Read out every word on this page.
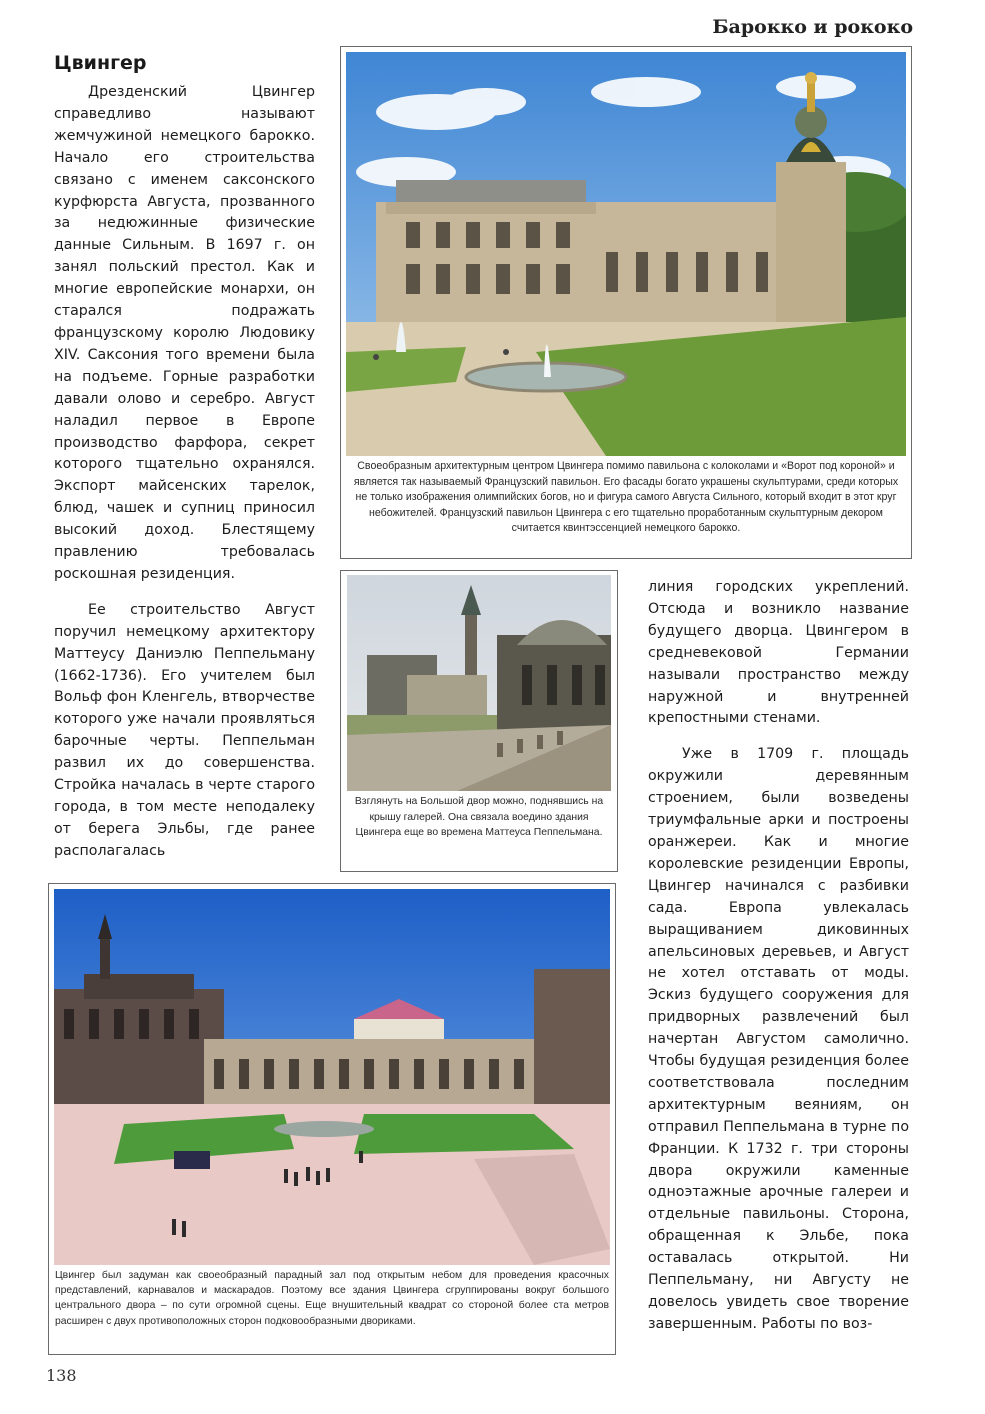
Барокко и рококо
Цвингер

Дрезденский Цвингер справедливо называют жемчужиной немецкого барокко. Начало его строительства связано с именем саксонского курфюрста Августа, прозванного за недюжинные физические данные Сильным. В 1697 г. он занял польский престол. Как и многие европейские монархи, он старался подражать французскому королю Людовику XIV. Саксония того времени была на подъеме. Горные разработки давали олово и серебро. Август наладил первое в Европе производство фарфора, секрет которого тщательно охранялся. Экспорт майсенских тарелок, блюд, чашек и супниц приносил высокий доход. Блестящему правлению требовалась роскошная резиденция.

Ее строительство Август поручил немецкому архитектору Маттеусу Даниэлю Пеппельману (1662-1736). Его учителем был Вольф фон Кленгель, втворчестве которого уже начали проявляться барочные черты. Пеппельман развил их до совершенства. Стройка началась в черте старого города, в том месте неподалеку от берега Эльбы, где ранее располагалась

линия городских укреплений. Отсюда и возникло название будущего дворца. Цвингером в средневековой Германии называли пространство между наружной и внутренней крепостными стенами.

Уже в 1709 г. площадь окружили деревянным строением, были возведены триумфальные арки и построены оранжереи. Как и многие королевские резиденции Европы, Цвингер начинался с разбивки сада. Европа увлекалась выращиванием диковинных апельсиновых деревьев, и Август не хотел отставать от моды. Эскиз будущего сооружения для придворных развлечений был начертан Августом самолично. Чтобы будущая резиденция более соответствовала последним архитектурным веяниям, он отправил Пеппельмана в турне по Франции. К 1732 г. три стороны двора окружили каменные одноэтажные арочные галереи и отдельные павильоны. Сторона, обращенная к Эльбе, пока оставалась открытой. Ни Пеппельману, ни Августу не довелось увидеть свое творение завершенным. Работы по воз-

Своеобразным архитектурным центром Цвингера помимо павильона с колоколами и «Ворот под короной» и является так называемый Французский павильон. Его фасады богато украшены скульптурами, среди которых не только изображения олимпийских богов, но и фигура самого Августа Сильного, который входит в этот круг небожителей. Французский павильон Цвингера с его тщательно проработанным скульптурным декором считается квинтэссенцией немецкого барокко.
Взглянуть на Большой двор можно, поднявшись на крышу галерей. Она связала воедино здания Цвингера еще во времена Маттеуса Пеппельмана.
Цвингер был задуман как своеобразный парадный зал под открытым небом для проведения красочных представлений, карнавалов и маскарадов. Поэтому все здания Цвингера сгруппированы вокруг большого центрального двора – по сути огромной сцены. Еще внушительный квадрат со стороной более ста метров расширен с двух противоположных сторон подковообразными двориками.
138
